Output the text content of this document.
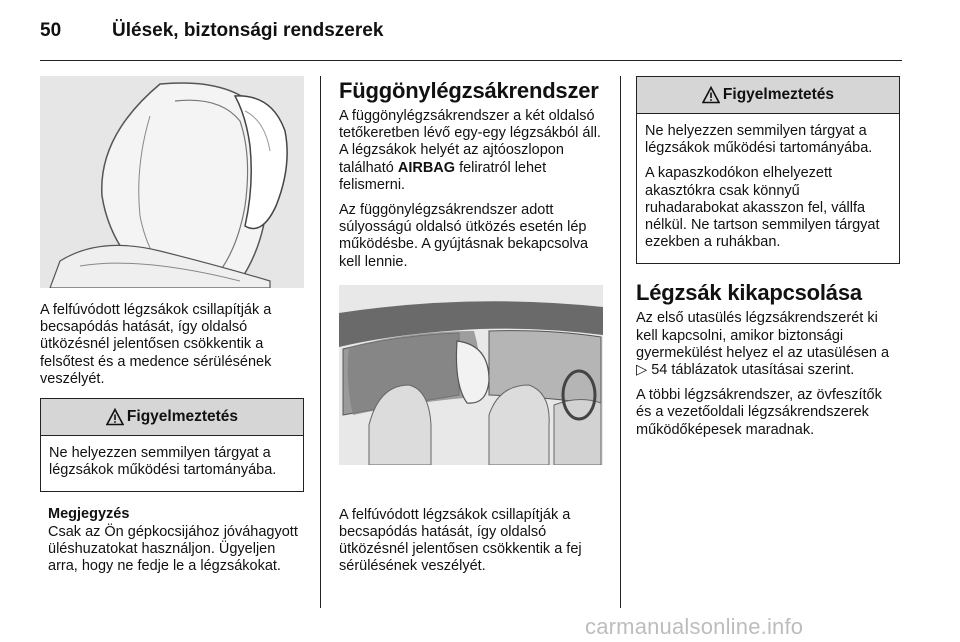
50	Ülések, biztonsági rendszerek

A felfúvódott légzsákok csillapítják a becsapódás hatását, így oldalsó ütközésnél jelentősen csökkentik a felsőtest és a medence sérülésének veszélyét.

Figyelmeztetés

Ne helyezzen semmilyen tárgyat a légzsákok működési tartományába.

Megjegyzés
Csak az Ön gépkocsijához jóváhagyott üléshuzatokat használjon. Ügyeljen arra, hogy ne fedje le a légzsákokat.
Függönylégzsákrendszer

A függönylégzsákrendszer a két oldalsó tetőkeretben lévő egy-egy légzsákból áll. A légzsákok helyét az ajtóoszlopon található AIRBAG feliratról lehet felismerni.

Az függönylégzsákrendszer adott súlyosságú oldalsó ütközés esetén lép működésbe. A gyújtásnak bekapcsolva kell lennie.

A felfúvódott légzsákok csillapítják a becsapódás hatását, így oldalsó ütközésnél jelentősen csökkentik a fej sérülésének veszélyét.

Figyelmeztetés

Ne helyezzen semmilyen tárgyat a légzsákok működési tartományába.

A kapaszkodókon elhelyezett akasztókra csak könnyű ruhadarabokat akasszon fel, vállfa nélkül. Ne tartson semmilyen tárgyat ezekben a ruhákban.

Légzsák kikapcsolása

Az első utasülés légzsákrendszerét ki kell kapcsolni, amikor biztonsági gyermekülést helyez el az utasülésen a ▷ 54 táblázatok utasításai szerint.

A többi légzsákrendszer, az övfeszítők és a vezetőoldali légzsákrendszerek működőképesek maradnak.

carmanualsonline.info
